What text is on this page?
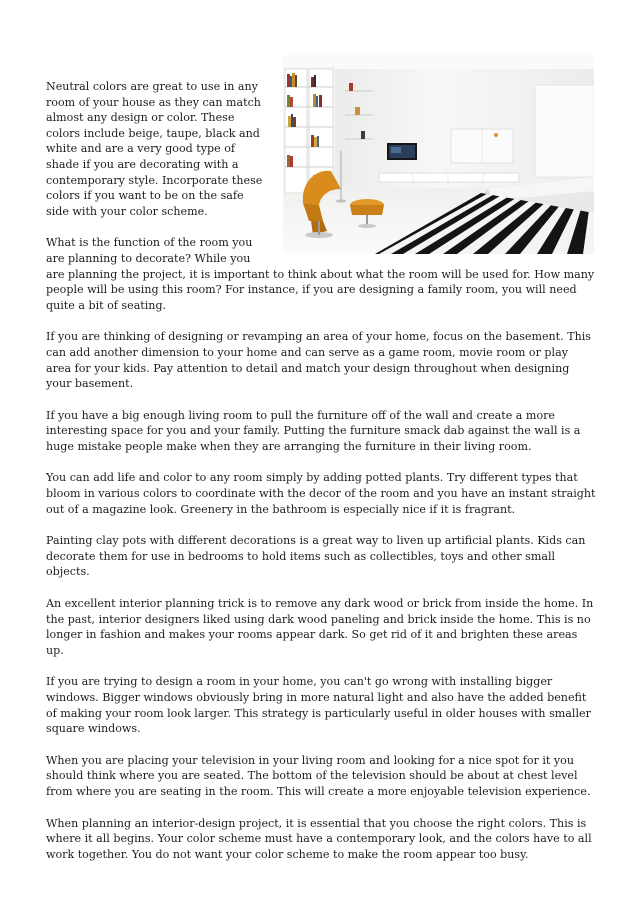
Neutral colors are great to use in any room of your house as they can match almost any design or color. These colors include beige, taupe, black and white and are a very good type of shade if you are decorating with a contemporary style. Incorporate these colors if you want to be on the safe side with your color scheme.

What is the function of the room you are planning to decorate? While you are planning the project, it is important to think about what the room will be used for. How many people will be using this room? For instance, if you are designing a family room, you will need quite a bit of seating.

If you are thinking of designing or revamping an area of your home, focus on the basement. This can add another dimension to your home and can serve as a game room, movie room or play area for your kids. Pay attention to detail and match your design throughout when designing your basement.

If you have a big enough living room to pull the furniture off of the wall and create a more interesting space for you and your family. Putting the furniture smack dab against the wall is a huge mistake people make when they are arranging the furniture in their living room.

You can add life and color to any room simply by adding potted plants. Try different types that bloom in various colors to coordinate with the decor of the room and you have an instant straight out of a magazine look. Greenery in the bathroom is especially nice if it is fragrant.

Painting clay pots with different decorations is a great way to liven up artificial plants. Kids can decorate them for use in bedrooms to hold items such as collectibles, toys and other small objects.

An excellent interior planning trick is to remove any dark wood or brick from inside the home. In the past, interior designers liked using dark wood paneling and brick inside the home. This is no longer in fashion and makes your rooms appear dark. So get rid of it and brighten these areas up.

If you are trying to design a room in your home, you can't go wrong with installing bigger windows. Bigger windows obviously bring in more natural light and also have the added benefit of making your room look larger. This strategy is particularly useful in older houses with smaller square windows.

When you are placing your television in your living room and looking for a nice spot for it you should think where you are seated. The bottom of the television should be about at chest level from where you are seating in the room. This will create a more enjoyable television experience.

When planning an interior-design project, it is essential that you choose the right colors. This is where it all begins. Your color scheme must have a contemporary look, and the colors have to all work together. You do not want your color scheme to make the room appear too busy.
